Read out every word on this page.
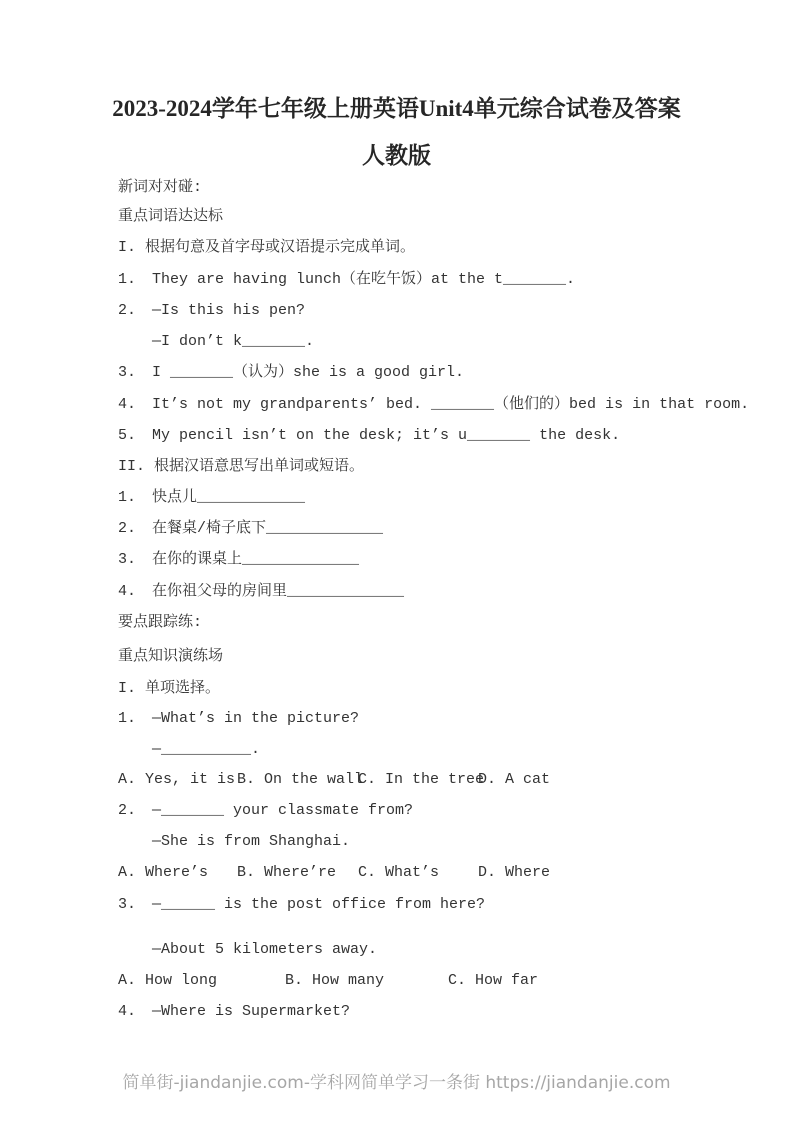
2023-2024学年七年级上册英语Unit4单元综合试卷及答案
人教版
新词对对碰:
重点词语达达标
I. 根据句意及首字母或汉语提示完成单词。
1. They are having lunch（在吃午饭）at the t_______.
2. —Is this his pen?
—I don’t k_______.
3. I _______（认为）she is a good girl.
4. It’s not my grandparents’ bed. _______（他们的）bed is in that room.
5. My pencil isn’t on the desk; it’s u_______ the desk.
II. 根据汉语意思写出单词或短语。
1. 快点儿____________
2. 在餐桌/椅子底下_____________
3. 在你的课桌上_____________
4. 在你祖父母的房间里_____________
要点跟踪练:
重点知识演练场
I. 单项选择。
1. —What’s in the picture?
—__________.
A. Yes, it is B. On the wall
C. In the tree
D. A cat
2. —_______ your classmate from?
—She is from Shanghai.
A. Where’s B. Where’re C. What’s	D. Where
3. —______ is the post office from here?
—About 5 kilometers away.
A. How long	B. How many	C. How far
4. —Where is Supermarket?
简单街-jiandanjie.com-学科网简单学习一条街 https://jiandanjie.com
